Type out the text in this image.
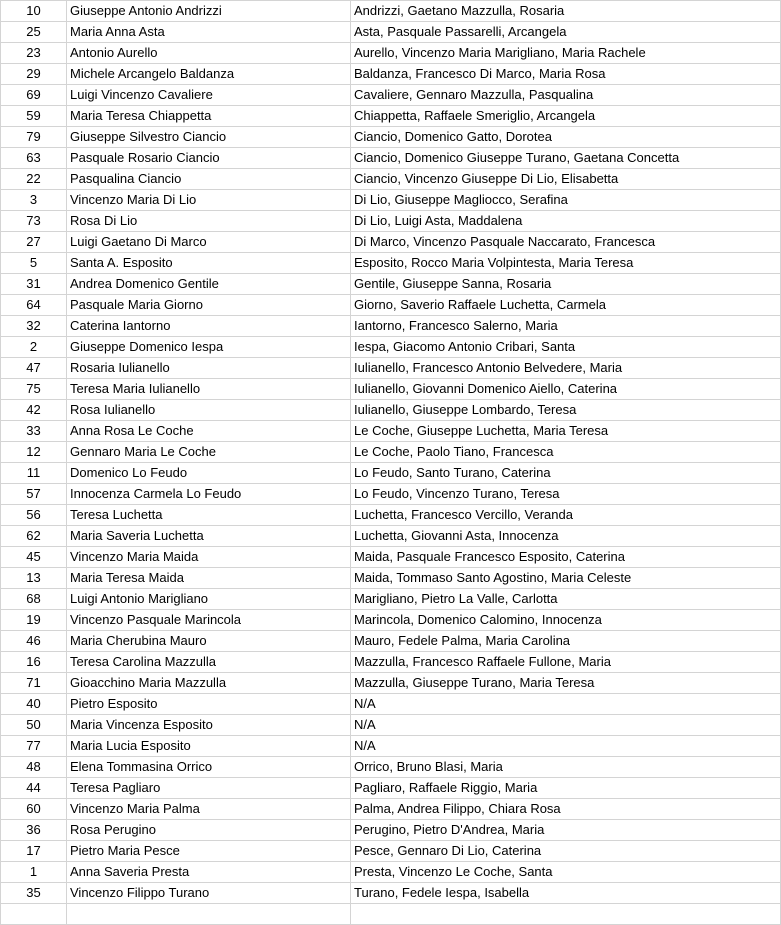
10	Giuseppe Antonio Andrizzi	Andrizzi, Gaetano Mazzulla, Rosaria
25	Maria Anna Asta	Asta, Pasquale Passarelli, Arcangela
23	Antonio Aurello	Aurello, Vincenzo Maria Marigliano, Maria Rachele
29	Michele Arcangelo Baldanza	Baldanza, Francesco Di Marco, Maria Rosa
69	Luigi Vincenzo Cavaliere	Cavaliere, Gennaro Mazzulla, Pasqualina
59	Maria Teresa Chiappetta	Chiappetta, Raffaele Smeriglio, Arcangela
79	Giuseppe Silvestro Ciancio	Ciancio, Domenico Gatto, Dorotea
63	Pasquale Rosario Ciancio	Ciancio, Domenico Giuseppe Turano, Gaetana Concetta
22	Pasqualina Ciancio	Ciancio, Vincenzo Giuseppe Di Lio, Elisabetta
3	Vincenzo Maria Di Lio	Di Lio, Giuseppe Magliocco, Serafina
73	Rosa Di Lio	Di Lio, Luigi Asta, Maddalena
27	Luigi Gaetano Di Marco	Di Marco, Vincenzo Pasquale Naccarato, Francesca
5	Santa A. Esposito	Esposito, Rocco Maria Volpintesta, Maria Teresa
31	Andrea Domenico Gentile	Gentile, Giuseppe Sanna, Rosaria
64	Pasquale Maria Giorno	Giorno, Saverio Raffaele Luchetta, Carmela
32	Caterina Iantorno	Iantorno, Francesco Salerno, Maria
2	Giuseppe Domenico Iespa	Iespa, Giacomo Antonio Cribari, Santa
47	Rosaria Iulianello	Iulianello, Francesco Antonio Belvedere, Maria
75	Teresa Maria Iulianello	Iulianello, Giovanni Domenico Aiello, Caterina
42	Rosa Iulianello	Iulianello, Giuseppe Lombardo, Teresa
33	Anna Rosa Le Coche	Le Coche, Giuseppe Luchetta, Maria Teresa
12	Gennaro Maria Le Coche	Le Coche, Paolo Tiano, Francesca
11	Domenico Lo Feudo	Lo Feudo, Santo Turano, Caterina
57	Innocenza Carmela Lo Feudo	Lo Feudo, Vincenzo Turano, Teresa
56	Teresa Luchetta	Luchetta, Francesco Vercillo, Veranda
62	Maria Saveria Luchetta	Luchetta, Giovanni Asta, Innocenza
45	Vincenzo Maria Maida	Maida, Pasquale Francesco Esposito, Caterina
13	Maria Teresa Maida	Maida, Tommaso Santo Agostino, Maria Celeste
68	Luigi Antonio Marigliano	Marigliano, Pietro La Valle, Carlotta
19	Vincenzo Pasquale Marincola	Marincola, Domenico Calomino, Innocenza
46	Maria Cherubina Mauro	Mauro, Fedele Palma, Maria Carolina
16	Teresa Carolina Mazzulla	Mazzulla, Francesco Raffaele Fullone, Maria
71	Gioacchino Maria Mazzulla	Mazzulla, Giuseppe Turano, Maria Teresa
40	Pietro Esposito	N/A
50	Maria Vincenza Esposito	N/A
77	Maria Lucia Esposito	N/A
48	Elena Tommasina Orrico	Orrico, Bruno Blasi, Maria
44	Teresa Pagliaro	Pagliaro, Raffaele Riggio, Maria
60	Vincenzo Maria Palma	Palma, Andrea Filippo, Chiara Rosa
36	Rosa Perugino	Perugino, Pietro D'Andrea, Maria
17	Pietro Maria Pesce	Pesce, Gennaro Di Lio, Caterina
1	Anna Saveria Presta	Presta, Vincenzo Le Coche, Santa
35	Vincenzo Filippo Turano	Turano, Fedele Iespa, Isabella
